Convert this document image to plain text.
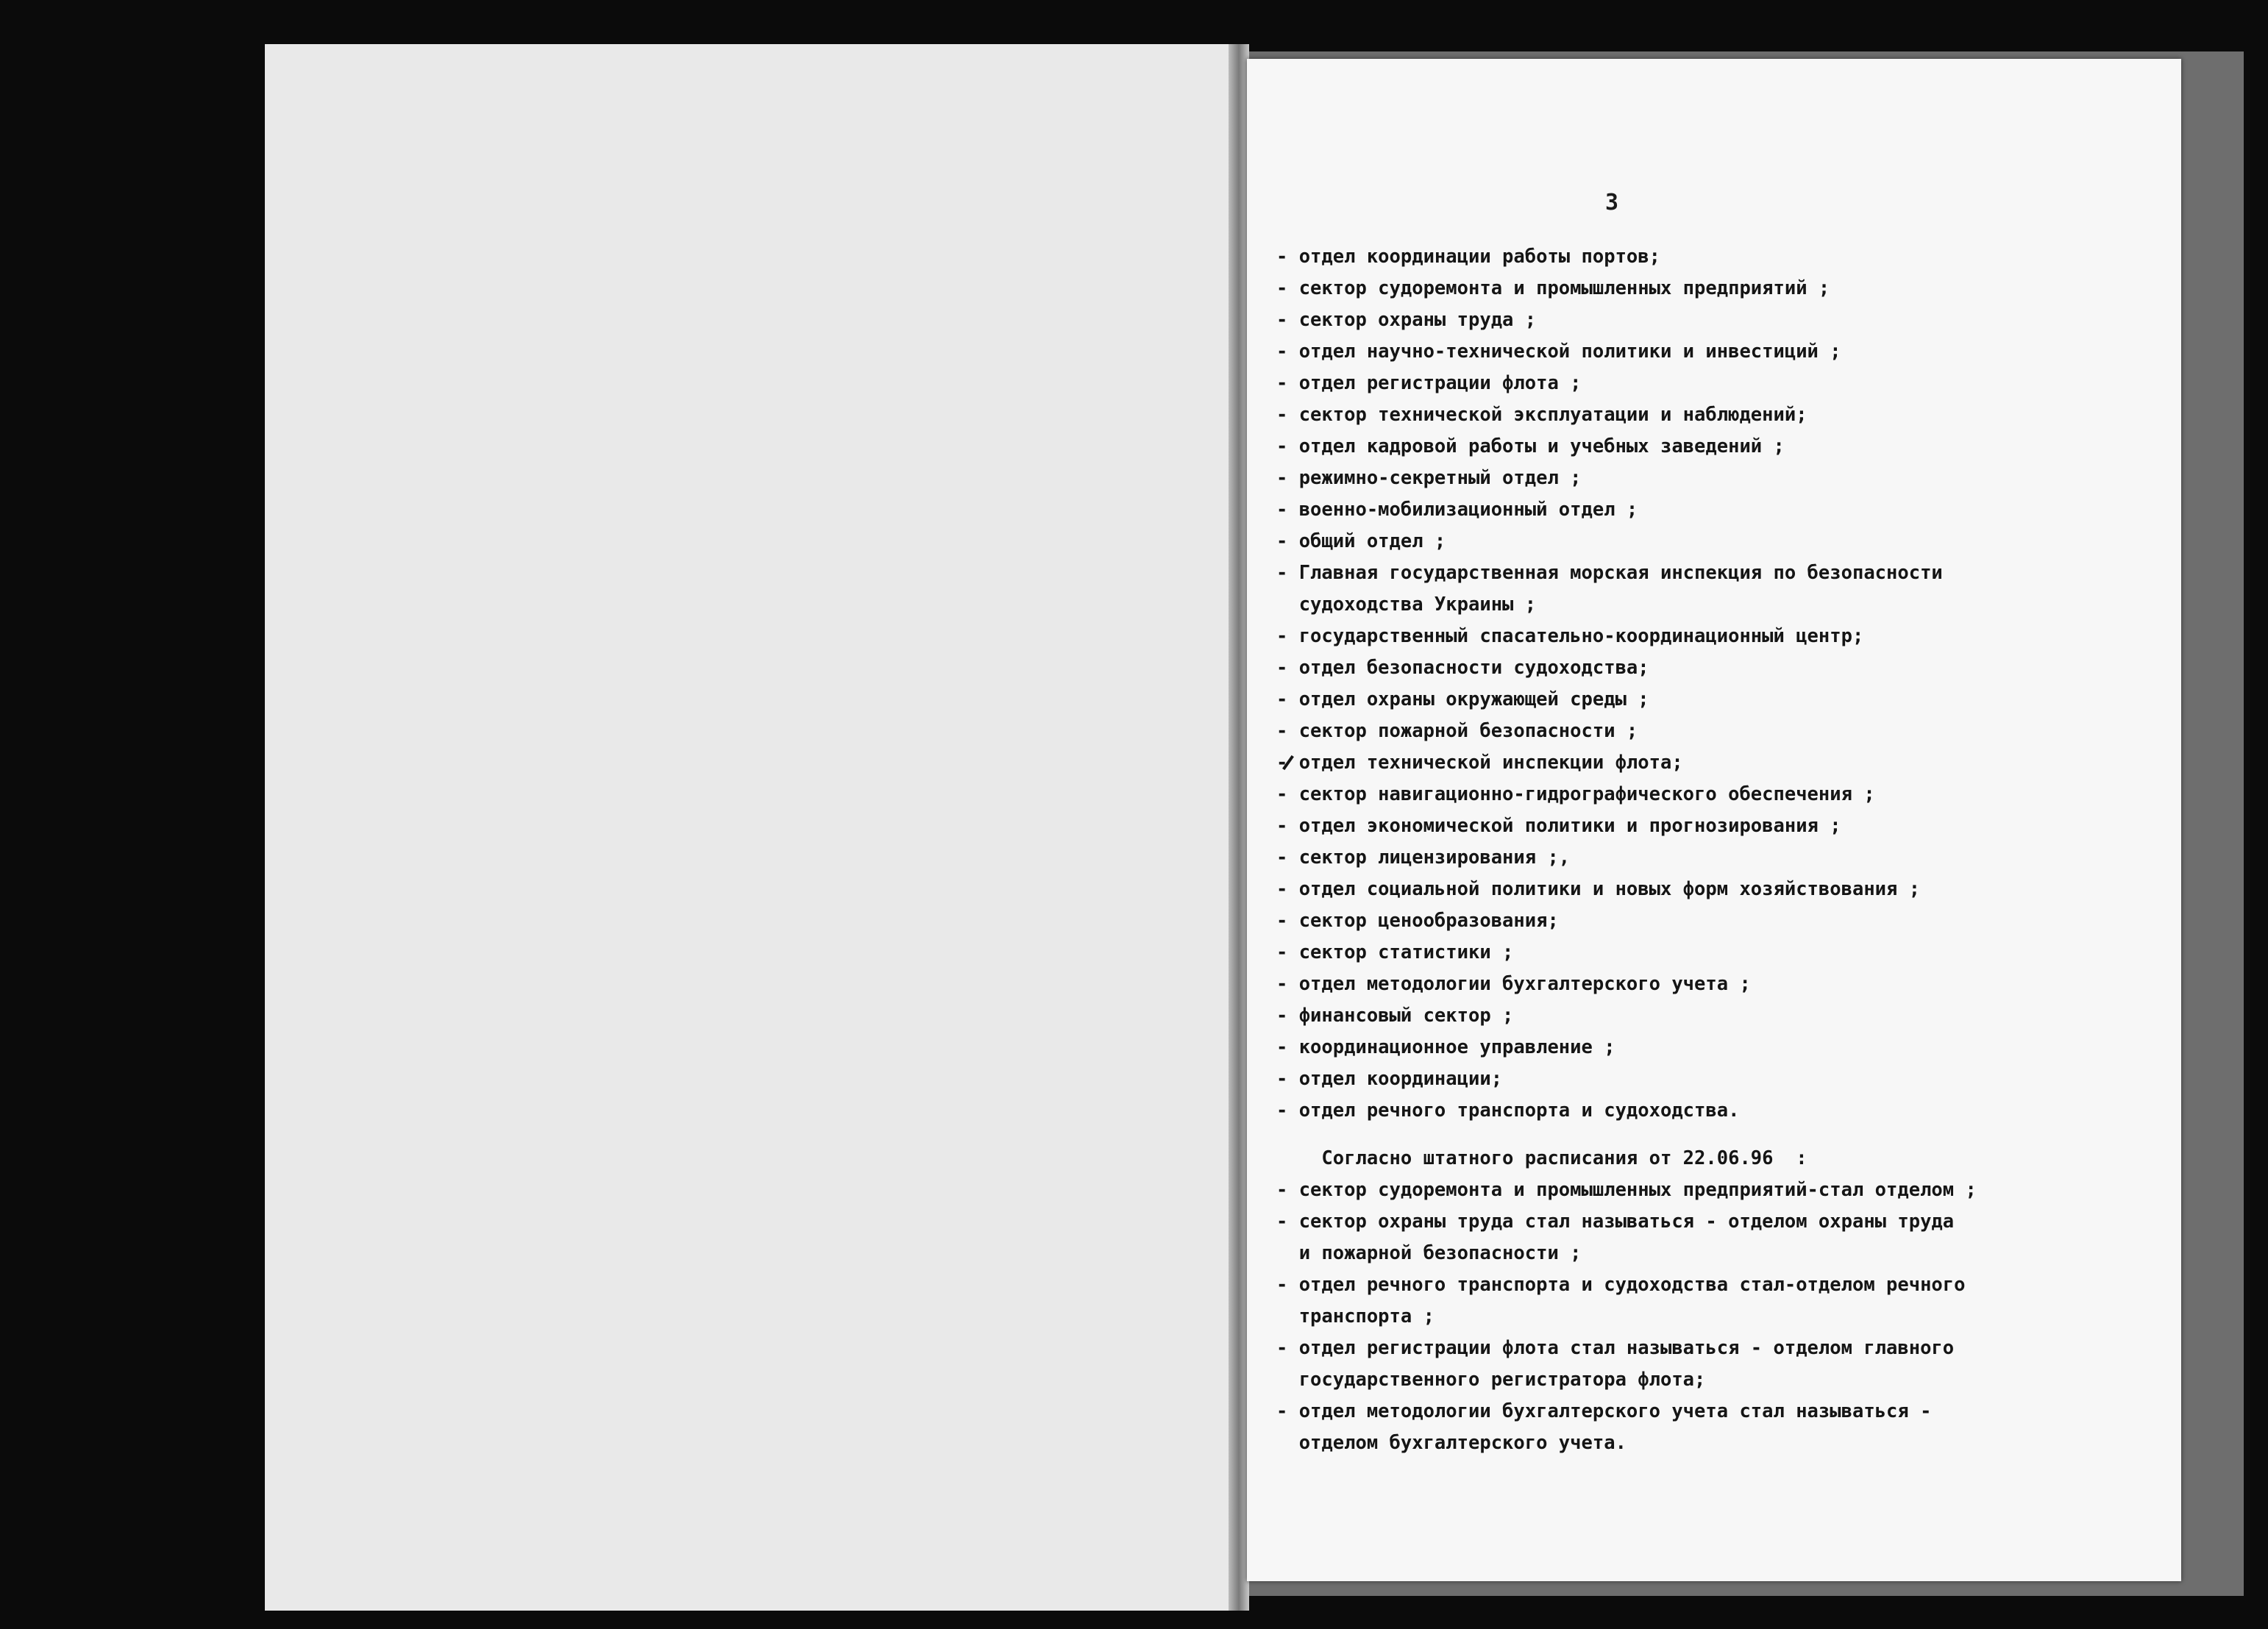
3
- отдел координации работы портов;
- сектор судоремонта и промышленных предприятий ;
- сектор охраны труда ;
- отдел научно-технической политики и инвестиций ;
- отдел регистрации флота ;
- сектор технической эксплуатации и наблюдений;
- отдел кадровой работы и учебных заведений ;
- режимно-секретный отдел ;
- военно-мобилизационный отдел ;
- общий отдел ;
- Главная государственная морская инспекция по безопасности
судоходства Украины ;
- государственный спасательно-координационный центр;
- отдел безопасности судоходства;
- отдел охраны окружающей среды ;
- сектор пожарной безопасности ;
- отдел технической инспекции флота;
- сектор навигационно-гидрографического обеспечения ;
- отдел экономической политики и прогнозирования ;
- сектор лицензирования ;,
- отдел социальной политики и новых форм хозяйствования ;
- сектор ценообразования;
- сектор статистики ;
- отдел методологии бухгалтерского учета ;
- финансовый сектор ;
- координационное управление ;
- отдел координации;
- отдел речного транспорта и судоходства.
Согласно штатного расписания от 22.06.96  :
- сектор судоремонта и промышленных предприятий-стал отделом ;
- сектор охраны труда стал называться - отделом охраны труда
и пожарной безопасности ;
- отдел речного транспорта и судоходства стал-отделом речного
транспорта ;
- отдел регистрации флота стал называться - отделом главного
государственного регистратора флота;
- отдел методологии бухгалтерского учета стал называться -
отделом бухгалтерского учета.
